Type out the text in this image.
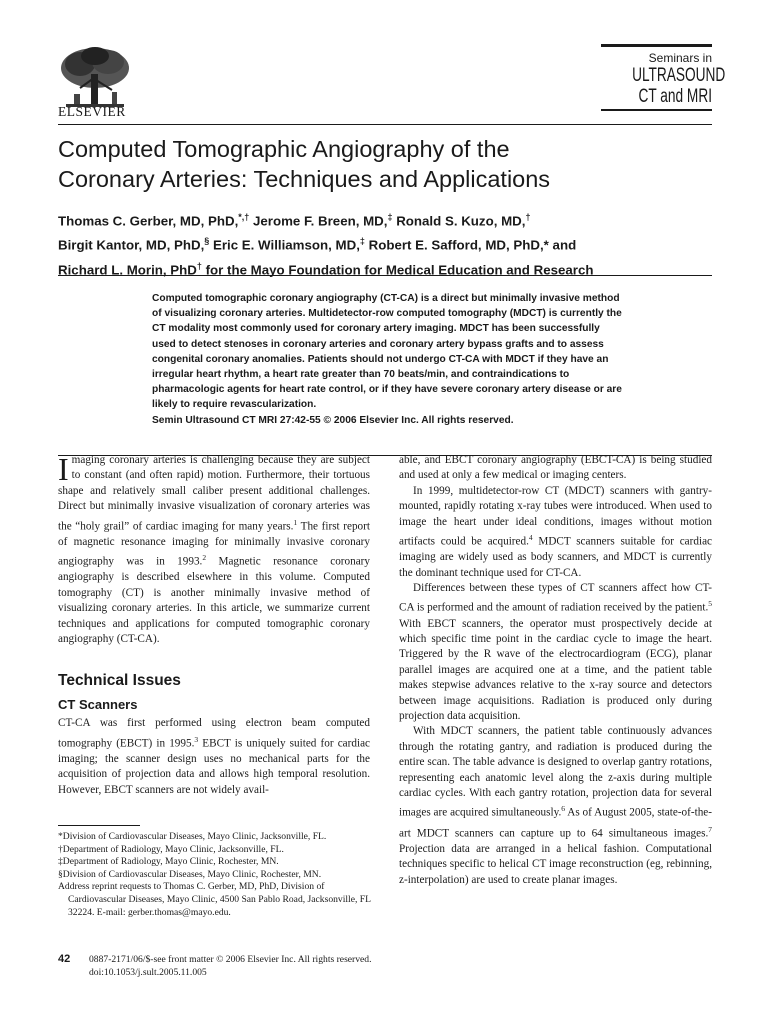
ELSEVIER
Seminars in
ULTRASOUND
CT and MRI
Computed Tomographic Angiography of the
Coronary Arteries: Techniques and Applications
Thomas C. Gerber, MD, PhD,*,† Jerome F. Breen, MD,‡ Ronald S. Kuzo, MD,†
Birgit Kantor, MD, PhD,§ Eric E. Williamson, MD,‡ Robert E. Safford, MD, PhD,* and
Richard L. Morin, PhD† for the Mayo Foundation for Medical Education and Research

Computed tomographic coronary angiography (CT-CA) is a direct but minimally invasive method of visualizing coronary arteries. Multidetector-row computed tomography (MDCT) is currently the CT modality most commonly used for coronary artery imaging. MDCT has been successfully used to detect stenoses in coronary arteries and coronary artery bypass grafts and to assess congenital coronary anomalies. Patients should not undergo CT-CA with MDCT if they have an irregular heart rhythm, a heart rate greater than 70 beats/min, and contraindications to pharmacologic agents for heart rate control, or if they have severe coronary artery disease or are likely to require revascularization.

Semin Ultrasound CT MRI 27:42-55 © 2006 Elsevier Inc. All rights reserved.

Imaging coronary arteries is challenging because they are subject to constant (and often rapid) motion. Furthermore, their tortuous shape and relatively small caliber present additional challenges. Direct but minimally invasive visualization of coronary arteries was the “holy grail” of cardiac imaging for many years.$^1$ The first report of magnetic resonance imaging for minimally invasive coronary angiography was in 1993.$^2$ Magnetic resonance coronary angiography is described elsewhere in this volume. Computed tomography (CT) is another minimally invasive method of visualizing coronary arteries. In this article, we summarize current techniques and applications for computed tomographic coronary angiography (CT-CA).

Technical Issues
CT Scanners

CT-CA was first performed using electron beam computed tomography (EBCT) in 1995.$^3$ EBCT is uniquely suited for cardiac imaging; the scanner design uses no mechanical parts for the acquisition of projection data and allows high temporal resolution. However, EBCT scanners are not widely avail-

able, and EBCT coronary angiography (EBCT-CA) is being studied and used at only a few medical or imaging centers.

In 1999, multidetector-row CT (MDCT) scanners with gantry-mounted, rapidly rotating x-ray tubes were introduced. When used to image the heart under ideal conditions, images without motion artifacts could be acquired.$^4$ MDCT scanners suitable for cardiac imaging are widely used as body scanners, and MDCT is currently the dominant technique used for CT-CA.

Differences between these types of CT scanners affect how CT-CA is performed and the amount of radiation received by the patient.$^5$ With EBCT scanners, the operator must prospectively decide at which specific time point in the cardiac cycle to image the heart. Triggered by the R wave of the electrocardiogram (ECG), planar parallel images are acquired one at a time, and the patient table makes stepwise advances relative to the x-ray source and detectors between image acquisitions. Radiation is produced only during projection data acquisition.

With MDCT scanners, the patient table continuously advances through the rotating gantry, and radiation is produced during the entire scan. The table advance is designed to overlap gantry rotations, representing each anatomic level along the z-axis during multiple cardiac cycles. With each gantry rotation, projection data for several images are acquired simultaneously.$^6$ As of August 2005, state-of-the-art MDCT scanners can capture up to 64 simultaneous images.$^7$ Projection data are arranged in a helical fashion. Computational techniques specific to helical CT image reconstruction (eg, rebinning, z-interpolation) are used to create planar images.

*Division of Cardiovascular Diseases, Mayo Clinic, Jacksonville, FL.
†Department of Radiology, Mayo Clinic, Jacksonville, FL.
‡Department of Radiology, Mayo Clinic, Rochester, MN.
§Division of Cardiovascular Diseases, Mayo Clinic, Rochester, MN.
Address reprint requests to Thomas C. Gerber, MD, PhD, Division of Cardiovascular Diseases, Mayo Clinic, 4500 San Pablo Road, Jacksonville, FL 32224. E-mail: gerber.thomas@mayo.edu.
42 0887-2171/06/$-see front matter © 2006 Elsevier Inc. All rights reserved.
doi:10.1053/j.sult.2005.11.005
